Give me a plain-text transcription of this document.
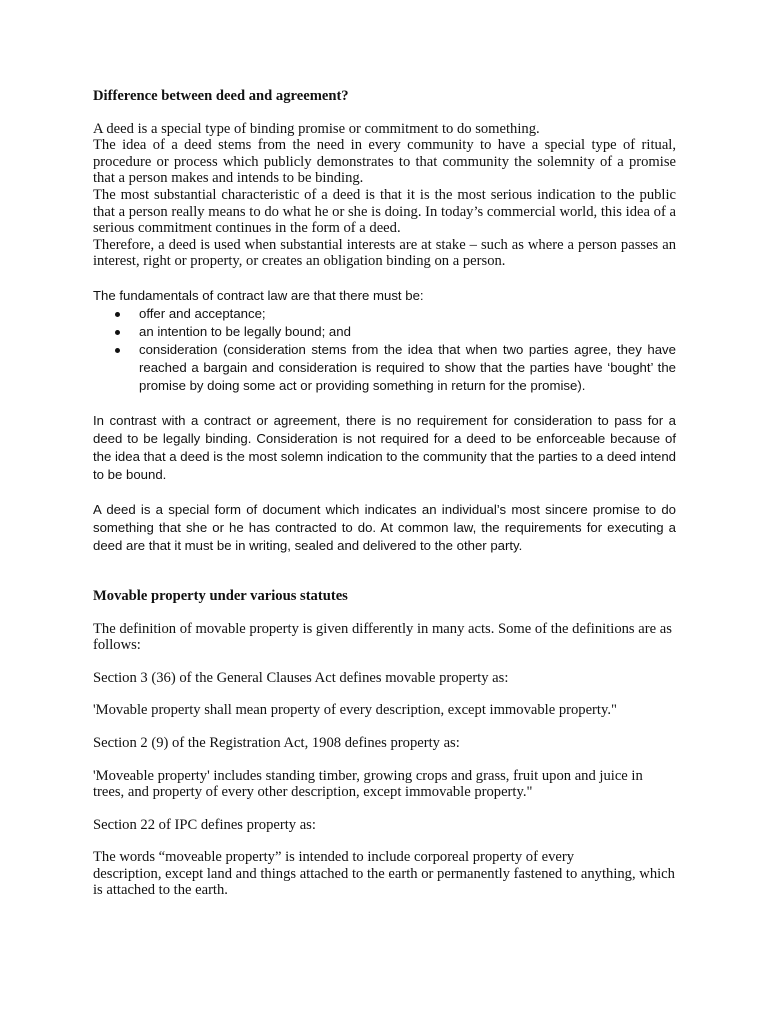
Difference between deed and agreement?

A deed is a special type of binding promise or commitment to do something.

The idea of a deed stems from the need in every community to have a special type of ritual, procedure or process which publicly demonstrates to that community the solemnity of a promise that a person makes and intends to be binding.

The most substantial characteristic of a deed is that it is the most serious indication to the public that a person really means to do what he or she is doing. In today’s commercial world, this idea of a serious commitment continues in the form of a deed.

Therefore, a deed is used when substantial interests are at stake – such as where a person passes an interest, right or property, or creates an obligation binding on a person.

The fundamentals of contract law are that there must be:

offer and acceptance;
an intention to be legally bound; and
consideration (consideration stems from the idea that when two parties agree, they have reached a bargain and consideration is required to show that the parties have ‘bought’ the promise by doing some act or providing something in return for the promise).

In contrast with a contract or agreement, there is no requirement for consideration to pass for a deed to be legally binding. Consideration is not required for a deed to be enforceable because of the idea that a deed is the most solemn indication to the community that the parties to a deed intend to be bound.

A deed is a special form of document which indicates an individual’s most sincere promise to do something that she or he has contracted to do. At common law, the requirements for executing a deed are that it must be in writing, sealed and delivered to the other party.

Movable property under various statutes

The definition of movable property is given differently in many acts. Some of the definitions are as follows:

Section 3 (36) of the General Clauses Act defines movable property as:

'Movable property shall mean property of every description, except immovable property."

Section 2 (9) of the Registration Act, 1908 defines property as:

'Moveable property' includes standing timber, growing crops and grass, fruit upon and juice in trees, and property of every other description, except immovable property."

Section 22 of IPC defines property as:

The words “moveable property” is intended to include corporeal property of every

description, except land and things attached to the earth or permanently fastened to anything, which is attached to the earth.
